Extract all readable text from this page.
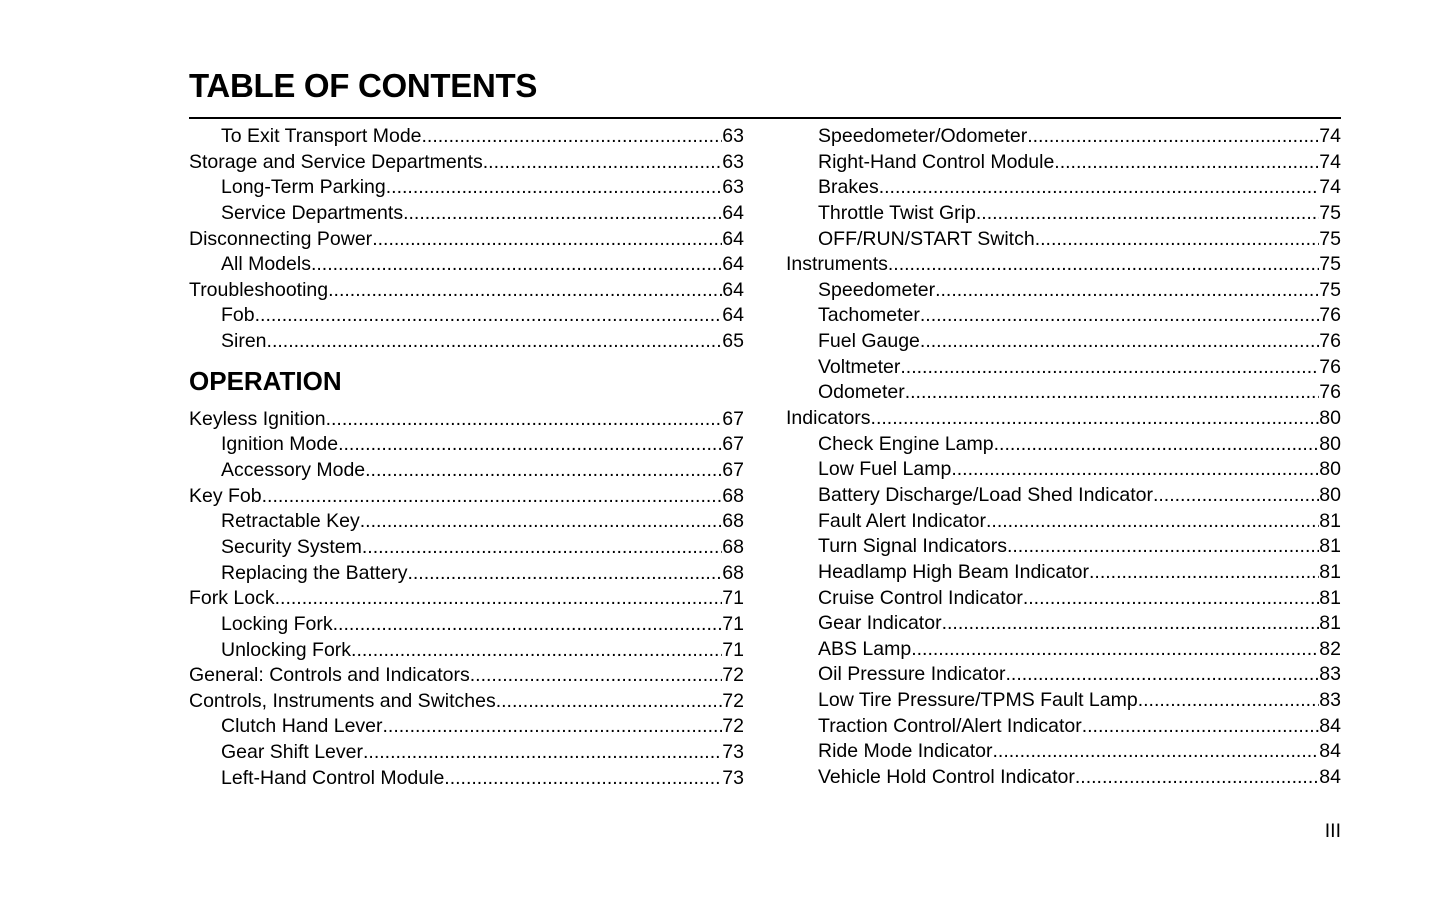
TABLE OF CONTENTS
To Exit Transport Mode .....	63
Storage and Service Departments .....	63
Long-Term Parking .....	63
Service Departments .....	64
Disconnecting Power .....	64
All Models .....	64
Troubleshooting .....	64
Fob .....	64
Siren .....	65
OPERATION
Keyless Ignition .....	67
Ignition Mode .....	67
Accessory Mode .....	67
Key Fob .....	68
Retractable Key .....	68
Security System .....	68
Replacing the Battery .....	68
Fork Lock .....	71
Locking Fork .....	71
Unlocking Fork .....	71
General: Controls and Indicators .....	72
Controls, Instruments and Switches .....	72
Clutch Hand Lever .....	72
Gear Shift Lever .....	73
Left-Hand Control Module .....	73
Speedometer/Odometer .....	74
Right-Hand Control Module .....	74
Brakes .....	74
Throttle Twist Grip .....	75
OFF/RUN/START Switch .....	75
Instruments .....	75
Speedometer .....	75
Tachometer .....	76
Fuel Gauge .....	76
Voltmeter .....	76
Odometer .....	76
Indicators .....	80
Check Engine Lamp .....	80
Low Fuel Lamp .....	80
Battery Discharge/Load Shed Indicator .....	80
Fault Alert Indicator .....	81
Turn Signal Indicators .....	81
Headlamp High Beam Indicator .....	81
Cruise Control Indicator .....	81
Gear Indicator .....	81
ABS Lamp .....	82
Oil Pressure Indicator .....	83
Low Tire Pressure/TPMS Fault Lamp .....	83
Traction Control/Alert Indicator .....	84
Ride Mode Indicator .....	84
Vehicle Hold Control Indicator .....	84
III
